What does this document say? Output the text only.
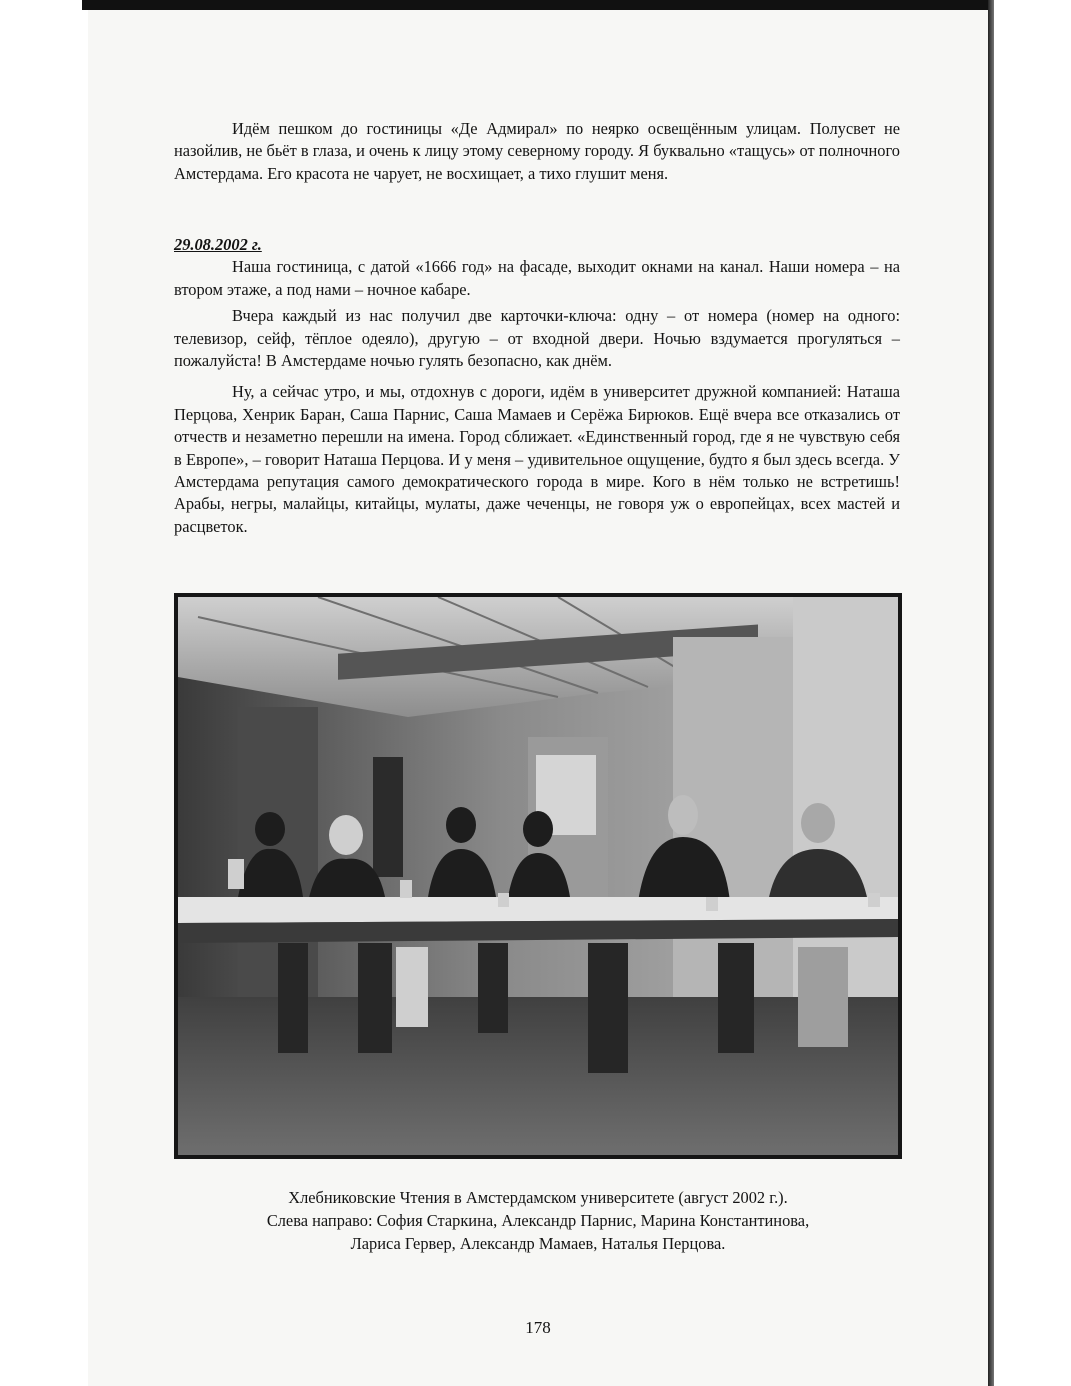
Идём пешком до гостиницы «Де Адмирал» по неярко освещённым улицам. Полусвет не назойлив, не бьёт в глаза, и очень к лицу этому северному городу. Я буквально «тащусь» от полночного Амстердама. Его красота не чарует, не восхищает, а тихо глушит меня.

29.08.2002 г.

Наша гостиница, с датой «1666 год» на фасаде, выходит окнами на канал. Наши номера – на втором этаже, а под нами – ночное кабаре.

Вчера каждый из нас получил две карточки-ключа: одну – от номера (номер на одного: телевизор, сейф, тёплое одеяло), другую – от входной двери. Ночью вздумается прогуляться – пожалуйста! В Амстердаме ночью гулять безопасно, как днём.

Ну, а сейчас утро, и мы, отдохнув с дороги, идём в университет дружной компанией: Наташа Перцова, Хенрик Баран, Саша Парнис, Саша Мамаев и Серёжа Бирюков. Ещё вчера все отказались от отчеств и незаметно перешли на имена. Город сближает. «Единственный город, где я не чувствую себя в Европе», – говорит Наташа Перцова. И у меня – удивительное ощущение, будто я был здесь всегда. У Амстердама репутация самого демократического города в мире. Кого в нём только не встретишь! Арабы, негры, малайцы, китайцы, мулаты, даже чеченцы, не говоря уж о европейцах, всех мастей и расцветок.

Хлебниковские Чтения в Амстердамском университете (август 2002 г.).
Слева направо: София Старкина, Александр Парнис, Марина Константинова,
Лариса Гервер, Александр Мамаев, Наталья Перцова.
178
